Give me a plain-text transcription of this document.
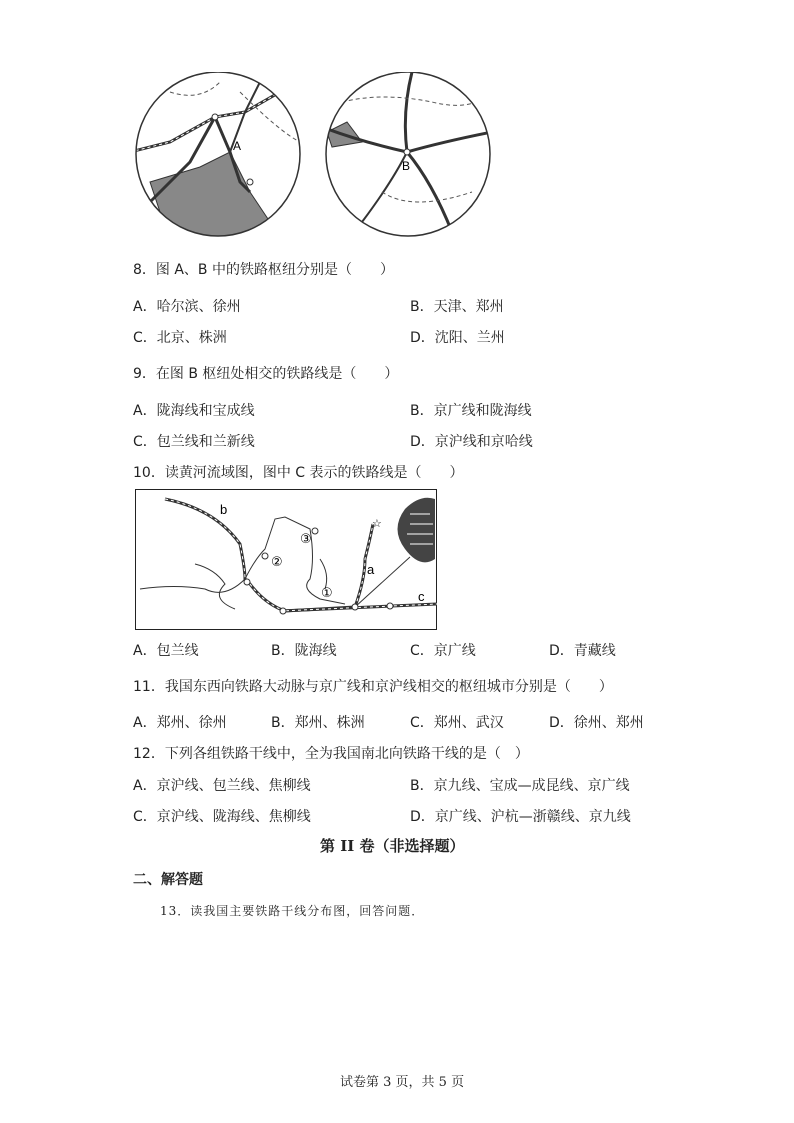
A
B
8．图 A、B 中的铁路枢纽分别是（　　）
A．哈尔滨、徐州	B．天津、郑州
C．北京、株洲	D．沈阳、兰州
9．在图 B 枢纽处相交的铁路线是（　　）
A．陇海线和宝成线	B．京广线和陇海线
C．包兰线和兰新线	D．京沪线和京哈线
10．读黄河流域图，图中 C 表示的铁路线是（　　）
☆
b
a
c
①
②
③
A．包兰线	B．陇海线	C．京广线	D．青藏线
11．我国东西向铁路大动脉与京广线和京沪线相交的枢纽城市分别是（　　）
A．郑州、徐州	B．郑州、株洲	C．郑州、武汉	D．徐州、郑州
12．下列各组铁路干线中，全为我国南北向铁路干线的是（　）
A．京沪线、包兰线、焦柳线	B．京九线、宝成—成昆线、京广线
C．京沪线、陇海线、焦柳线	D．京广线、沪杭—浙赣线、京九线
第 II 卷（非选择题）
二、解答题
13．读我国主要铁路干线分布图，回答问题．
试卷第 3 页，共 5 页
